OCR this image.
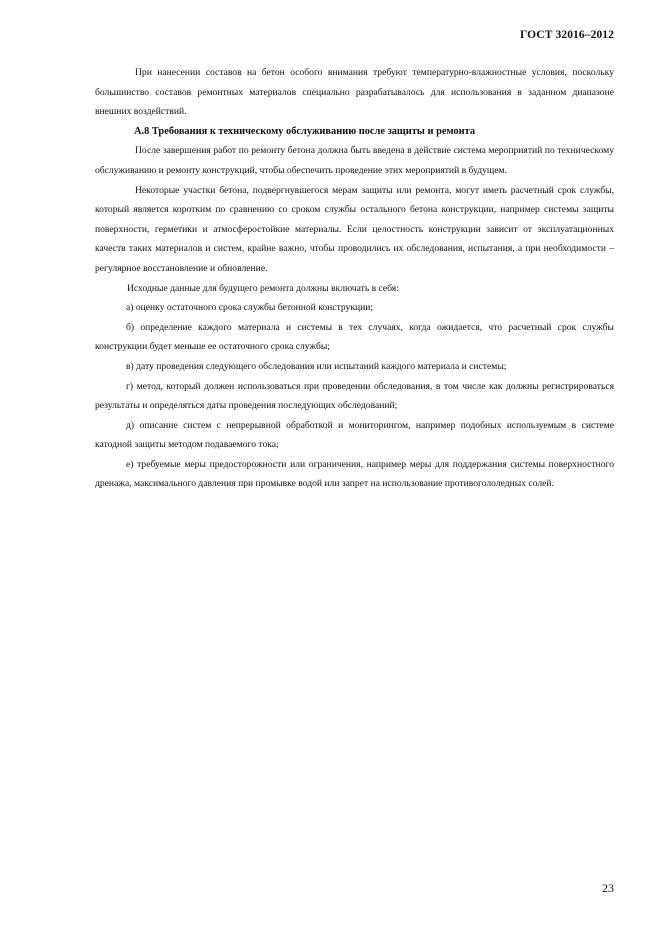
ГОСТ 32016–2012

При нанесении составов на бетон особого внимания требуют температурно-влажностные условия, поскольку большинство составов ремонтных материалов специально разрабатывалось для использования в заданном диапазоне внешних воздействий.

А.8 Требования к техническому обслуживанию после защиты и ремонта

После завершения работ по ремонту бетона должна быть введена в действие система мероприятий по техническому обслуживанию и ремонту конструкций, чтобы обеспечить проведение этих мероприятий в будущем.

Некоторые участки бетона, подвергнувшегося мерам защиты или ремонта, могут иметь расчетный срок службы, который является коротким по сравнению со сроком службы остального бетона конструкции, например системы защиты поверхности, герметики и атмосферостойкие материалы. Если целостность конструкции зависит от эксплуатационных качеств таких материалов и систем, крайне важно, чтобы проводились их обследования, испытания, а при необходимости – регулярное восстановление и обновление.

Исходные данные для будущего ремонта должны включать в себя:

а) оценку остаточного срока службы бетонной конструкции;

б) определение каждого материала и системы в тех случаях, когда ожидается, что расчетный срок службы конструкции будет меньше ее остаточного срока службы;

в) дату проведения следующего обследования или испытаний каждого материала и системы;

г) метод, который должен использоваться при проведении обследования, в том числе как должны регистрироваться результаты и определяться даты проведения последующих обследований;

д) описание систем с непрерывной обработкой и мониторингом, например подобных используемым в системе катодной защиты методом подаваемого тока;

е) требуемые меры предосторожности или ограничения, например меры для поддержания системы поверхностного дренажа, максимального давления при промывке водой или запрет на использование противогололедных солей.

23
